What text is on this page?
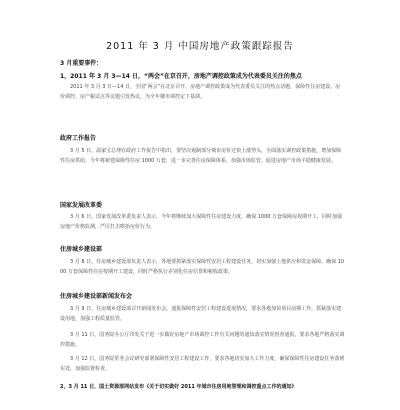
2011 年 3 月 中国房地产政策跟踪报告
3 月重要事件：
1，2011 年 3 月 3—14 日，“两会”在京召开，房地产调控政策成为代表委员关注的焦点
2011 年 3 月 3 日—14 日，全国“两会”在北京召开。房地产调控政策成为代表委员关注的热点话题，保障性住房建设、房价调控、房产税试点等议题引发热议，为全年楼市调控定下基调。
政府工作报告
3 月 5 日，温家宝总理在政府工作报告中指出，要坚决遏制部分城市房价过快上涨势头，全面落实调控政策措施，增加保障性住房供给，今年将新建保障性住房 1000 万套，进一步完善住房保障体系，加强市场监管，促进房地产市场平稳健康发展。
国家发展改革委
3 月 6 日，国家发展改革委负责人表示，今年将继续加大保障性住房建设力度，确保 1000 万套保障房按期开工，同时加强房地产价格监测，严厉打击哄抬房价行为。
住房城乡建设部
3 月 8 日，住房城乡建设部负责人表示，各地要抓紧落实保障性安居工程建设任务，切实加强土地供应和资金保障，确保 1000 万套保障性住房按期开工建设，同时严格执行差别化住房信贷和税收政策。
住房城乡建设部新闻发布会
3 月 9 日，住房城乡建设部召开新闻发布会，通报保障性安居工程建设进展情况，要求各地加快项目前期工作，抓紧落实建设用地，加强工程质量监管。
3 月 11 日，国务院办公厅印发关于进一步做好房地产市场调控工作有关问题的通知落实情况督查通报，要求各地严格落实调控措施。
3 月 12 日，国务院常务会议研究部署保障性安居工程建设工作，要求各地切实加大工作力度，确保保障性住房建设任务落到实处，加强监督检查。
2，3 月 11 日，国土资源部网站发布《关于切实做好 2011 年城市住房用地管理和调控重点工作的通知》
